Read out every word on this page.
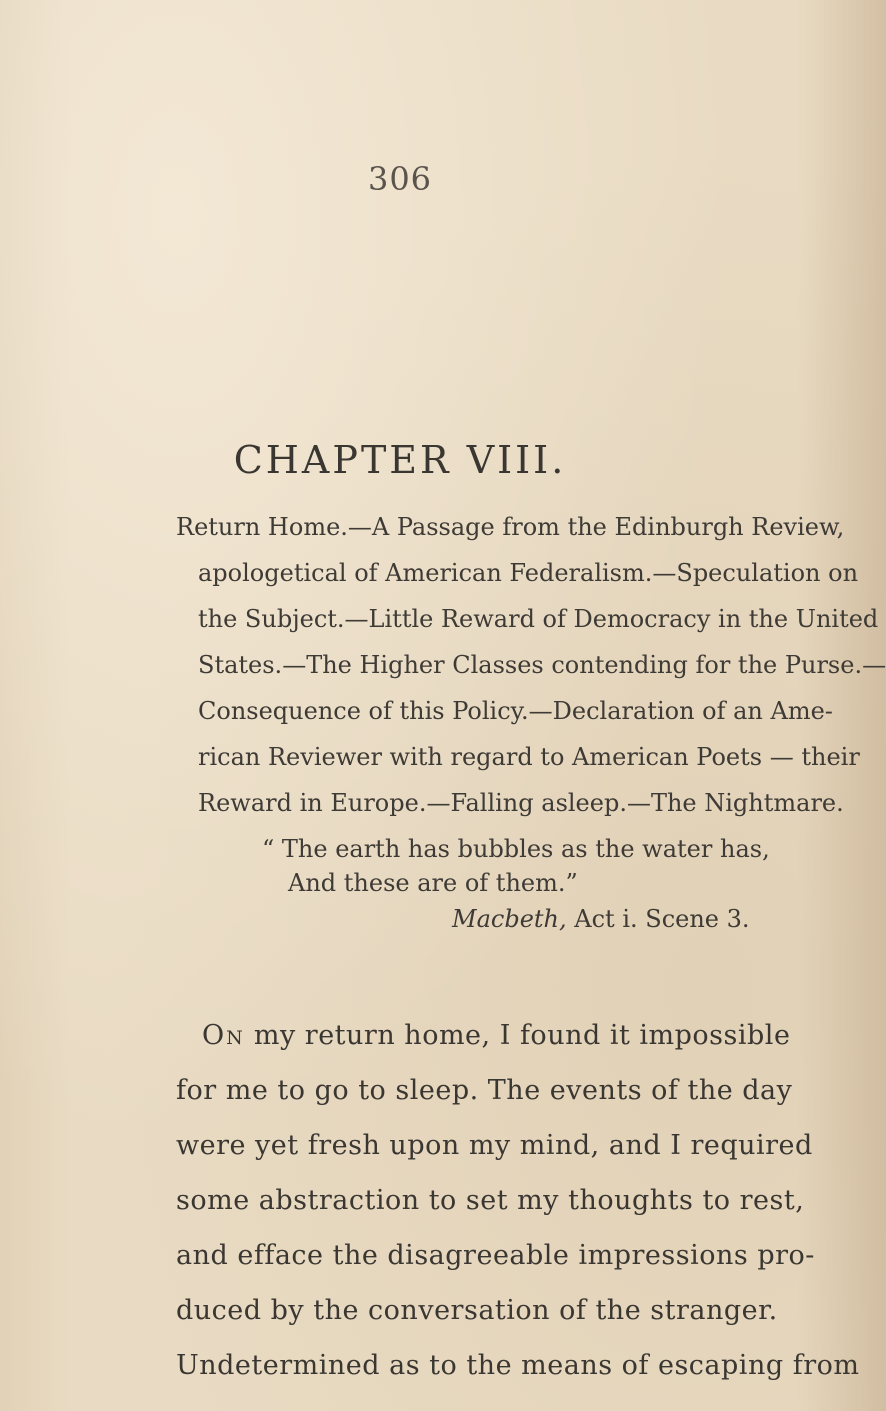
306
CHAPTER VIII.
Return Home.—A Passage from the Edinburgh Review,
apologetical of American Federalism.—Speculation on
the Subject.—Little Reward of Democracy in the United
States.—The Higher Classes contending for the Purse.—
Consequence of this Policy.—Declaration of an Ame-
rican Reviewer with regard to American Poets — their
Reward in Europe.—Falling asleep.—The Nightmare.
“ The earth has bubbles as the water has,
And these are of them.”
Macbeth, Act i. Scene 3.
On my return home, I found it impossible
for me to go to sleep. The events of the day
were yet fresh upon my mind, and I required
some abstraction to set my thoughts to rest,
and efface the disagreeable impressions pro-
duced by the conversation of the stranger.
Undetermined as to the means of escaping from
